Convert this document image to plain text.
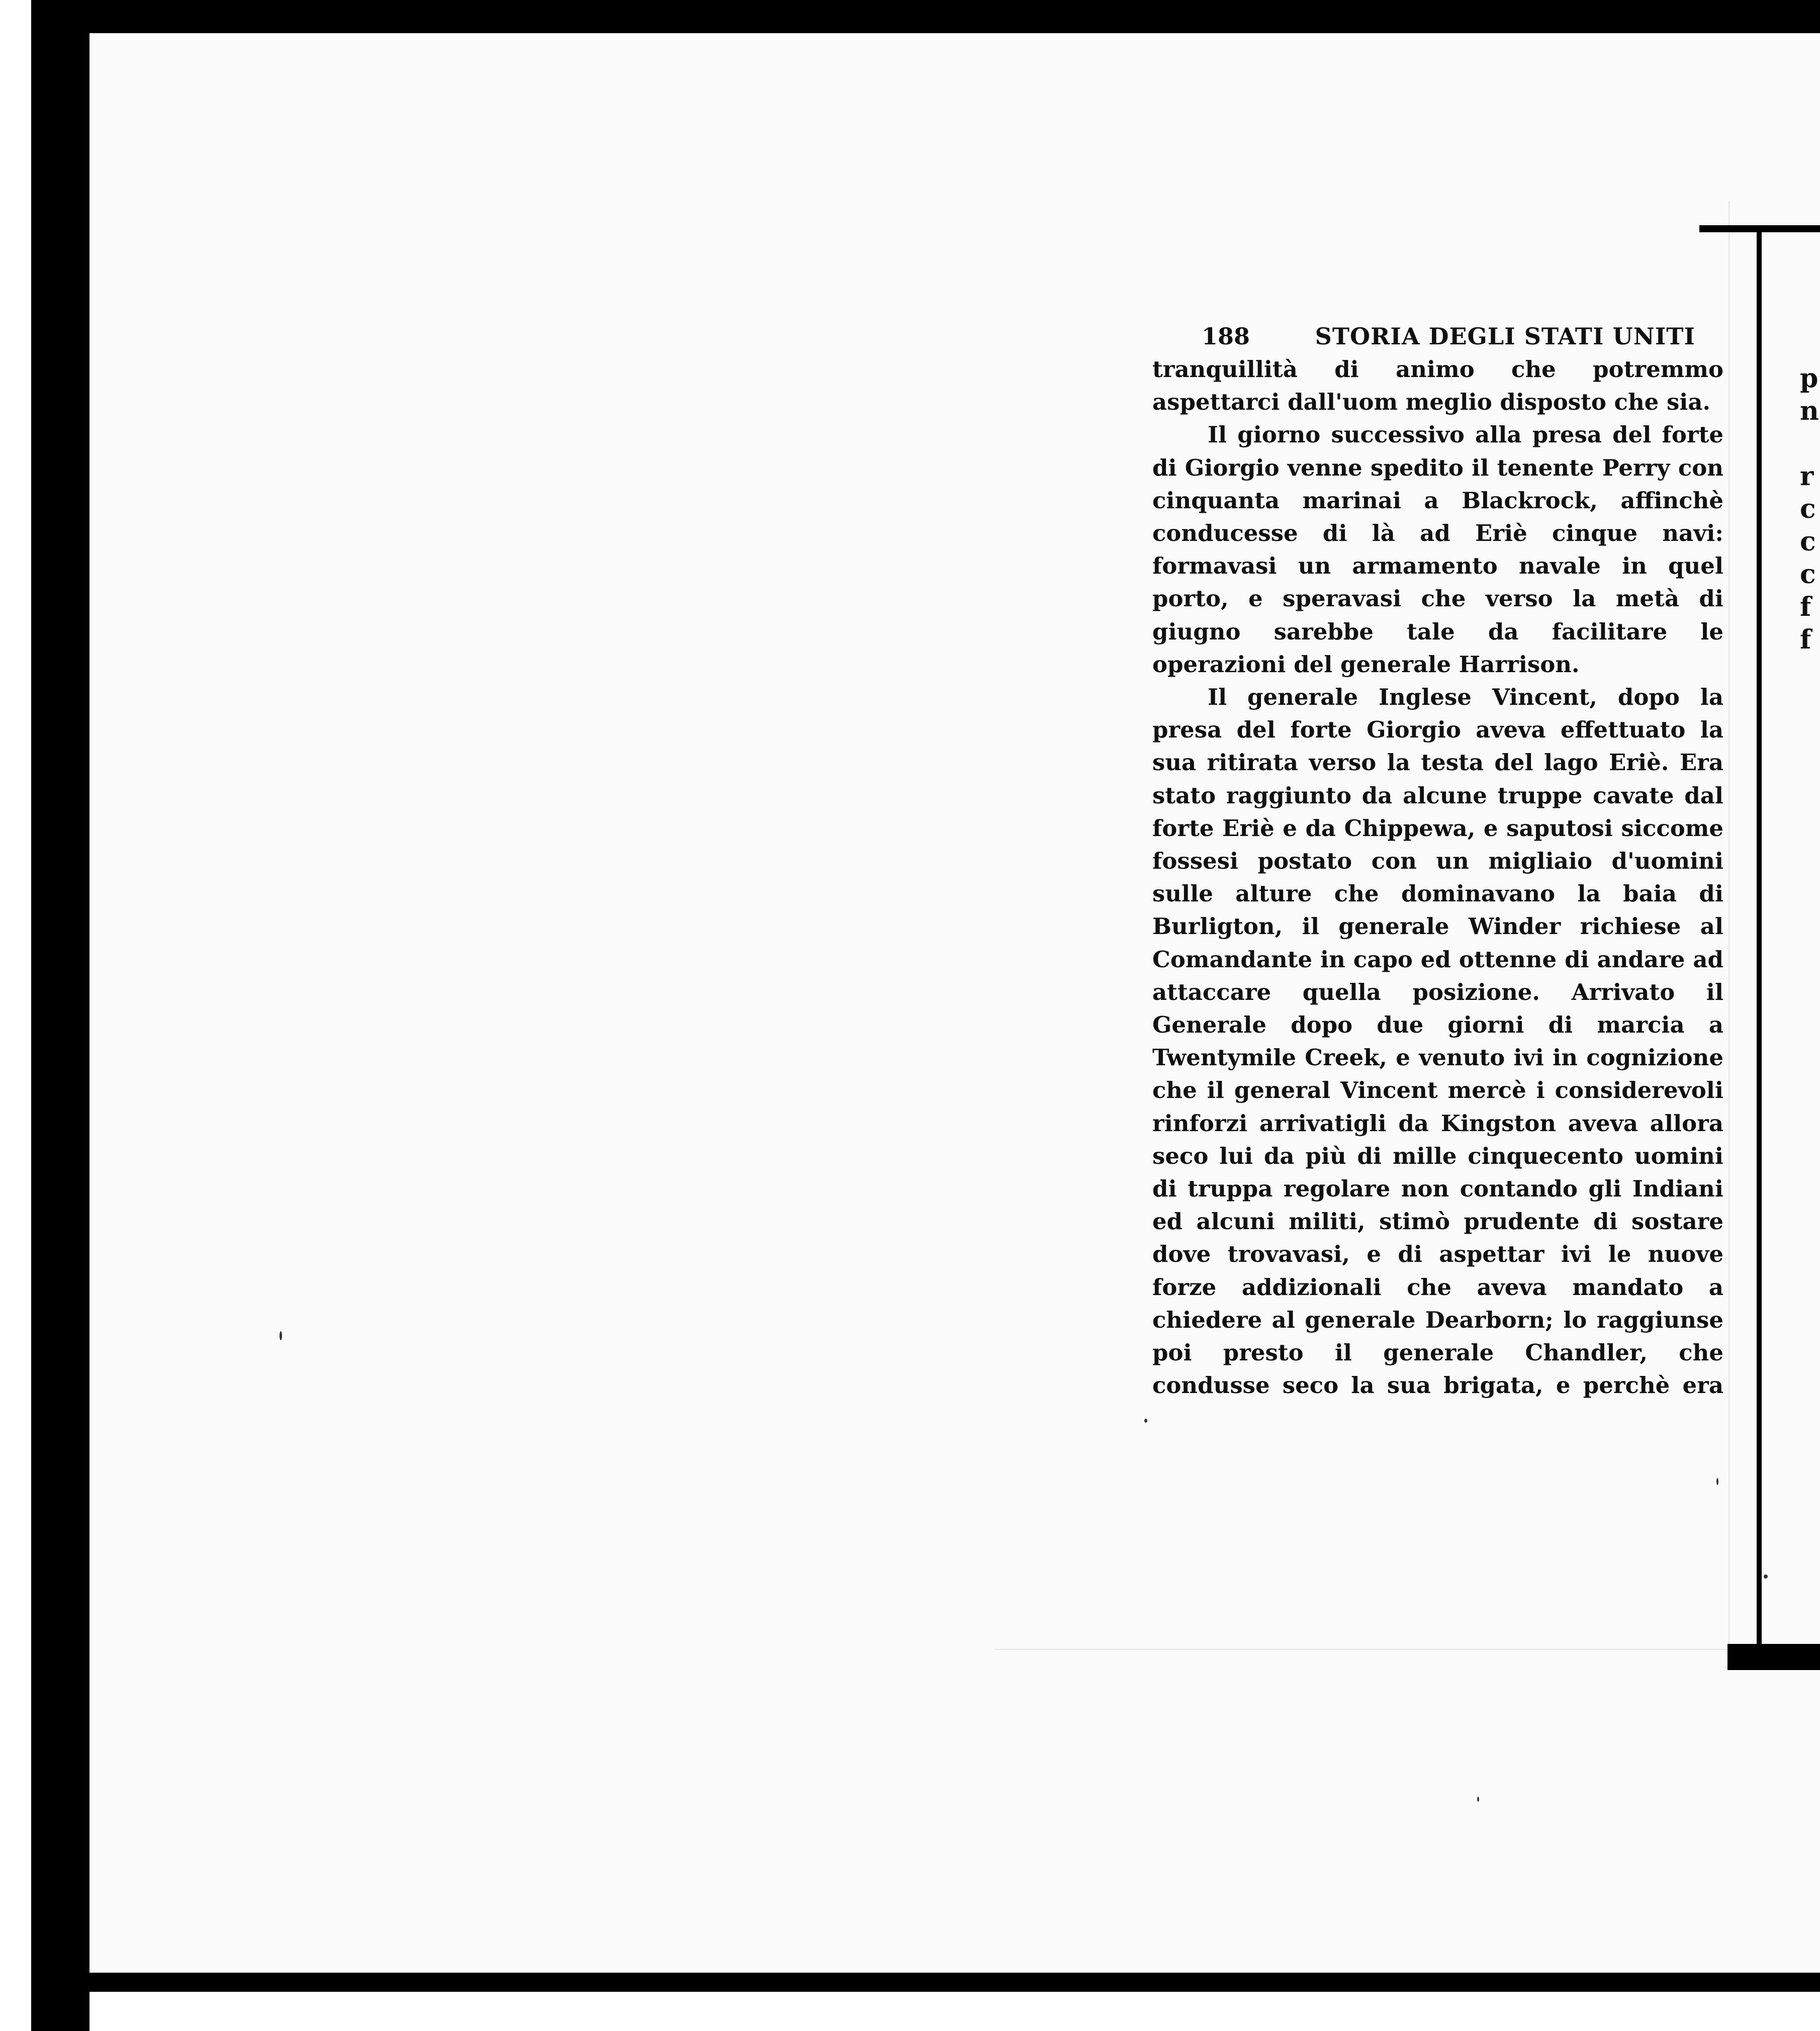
p
n

r
c
c
c
f
f
188	STORIA DEGLI STATI UNITI

tranquillità di animo che potremmo aspettarci dall'uom meglio disposto che sia.

Il giorno successivo alla presa del forte di Giorgio venne spedito il tenente Perry con cinquanta marinai a Blackrock, affinchè conducesse di là ad Eriè cinque navi: formavasi un armamento navale in quel porto, e speravasi che verso la metà di giugno sarebbe tale da facilitare le operazioni del generale Harrison.

Il generale Inglese Vincent, dopo la presa del forte Giorgio aveva effettuato la sua ritirata verso la testa del lago Eriè. Era stato raggiunto da alcune truppe cavate dal forte Eriè e da Chippewa, e saputosi siccome fossesi postato con un migliaio d'uomini sulle alture che dominavano la baia di Burligton, il generale Winder richiese al Comandante in capo ed ottenne di andare ad attaccare quella posizione. Arrivato il Generale dopo due giorni di marcia a Twentymile Creek, e venuto ivi in cognizione che il general Vincent mercè i considerevoli rinforzi arrivatigli da Kingston aveva allora seco lui da più di mille cinquecento uomini di truppa regolare non contando gli Indiani ed alcuni militi, stimò prudente di sostare dove trovavasi, e di aspettar ivi le nuove forze addizionali che aveva mandato a chiedere al generale Dearborn; lo raggiunse poi presto il generale Chandler, che condusse seco la sua brigata, e perchè era
